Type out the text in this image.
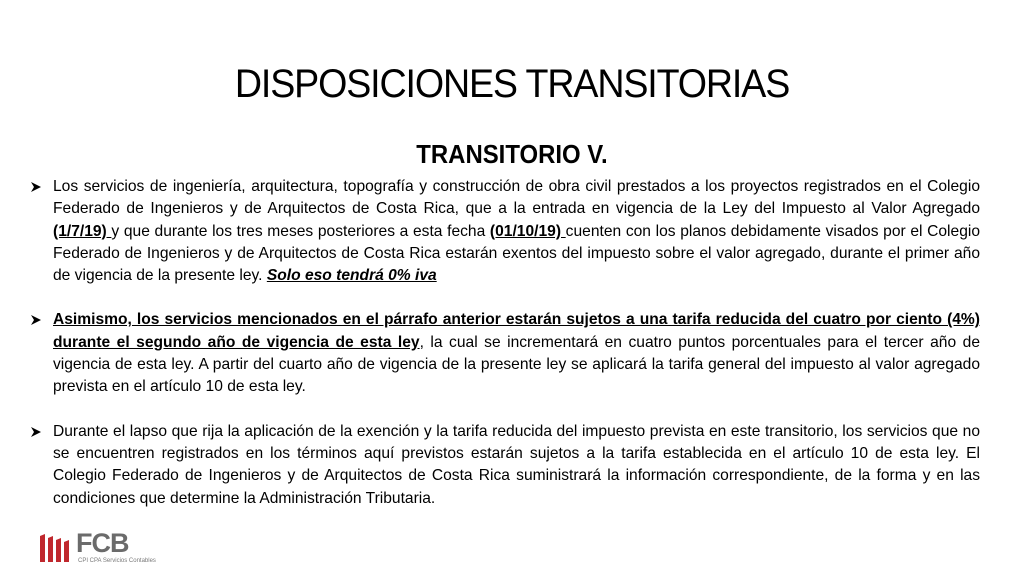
DISPOSICIONES TRANSITORIAS
TRANSITORIO V.
Los servicios de ingeniería, arquitectura, topografía y construcción de obra civil prestados a los proyectos registrados en el Colegio Federado de Ingenieros y de Arquitectos de Costa Rica, que a la entrada en vigencia de la Ley del Impuesto al Valor Agregado (1/7/19) y que durante los tres meses posteriores a esta fecha (01/10/19) cuenten con los planos debidamente visados por el Colegio Federado de Ingenieros y de Arquitectos de Costa Rica estarán exentos del impuesto sobre el valor agregado, durante el primer año de vigencia de la presente ley. Solo eso tendrá 0% iva
Asimismo, los servicios mencionados en el párrafo anterior estarán sujetos a una tarifa reducida del cuatro por ciento (4%) durante el segundo año de vigencia de esta ley, la cual se incrementará en cuatro puntos porcentuales para el tercer año de vigencia de esta ley. A partir del cuarto año de vigencia de la presente ley se aplicará la tarifa general del impuesto al valor agregado prevista en el artículo 10 de esta ley.
Durante el lapso que rija la aplicación de la exención y la tarifa reducida del impuesto prevista en este transitorio, los servicios que no se encuentren registrados en los términos aquí previstos estarán sujetos a la tarifa establecida en el artículo 10 de esta ley. El Colegio Federado de Ingenieros y de Arquitectos de Costa Rica suministrará la información correspondiente, de la forma y en las condiciones que determine la Administración Tributaria.
FCB
CPI CPA Servicios Contables
